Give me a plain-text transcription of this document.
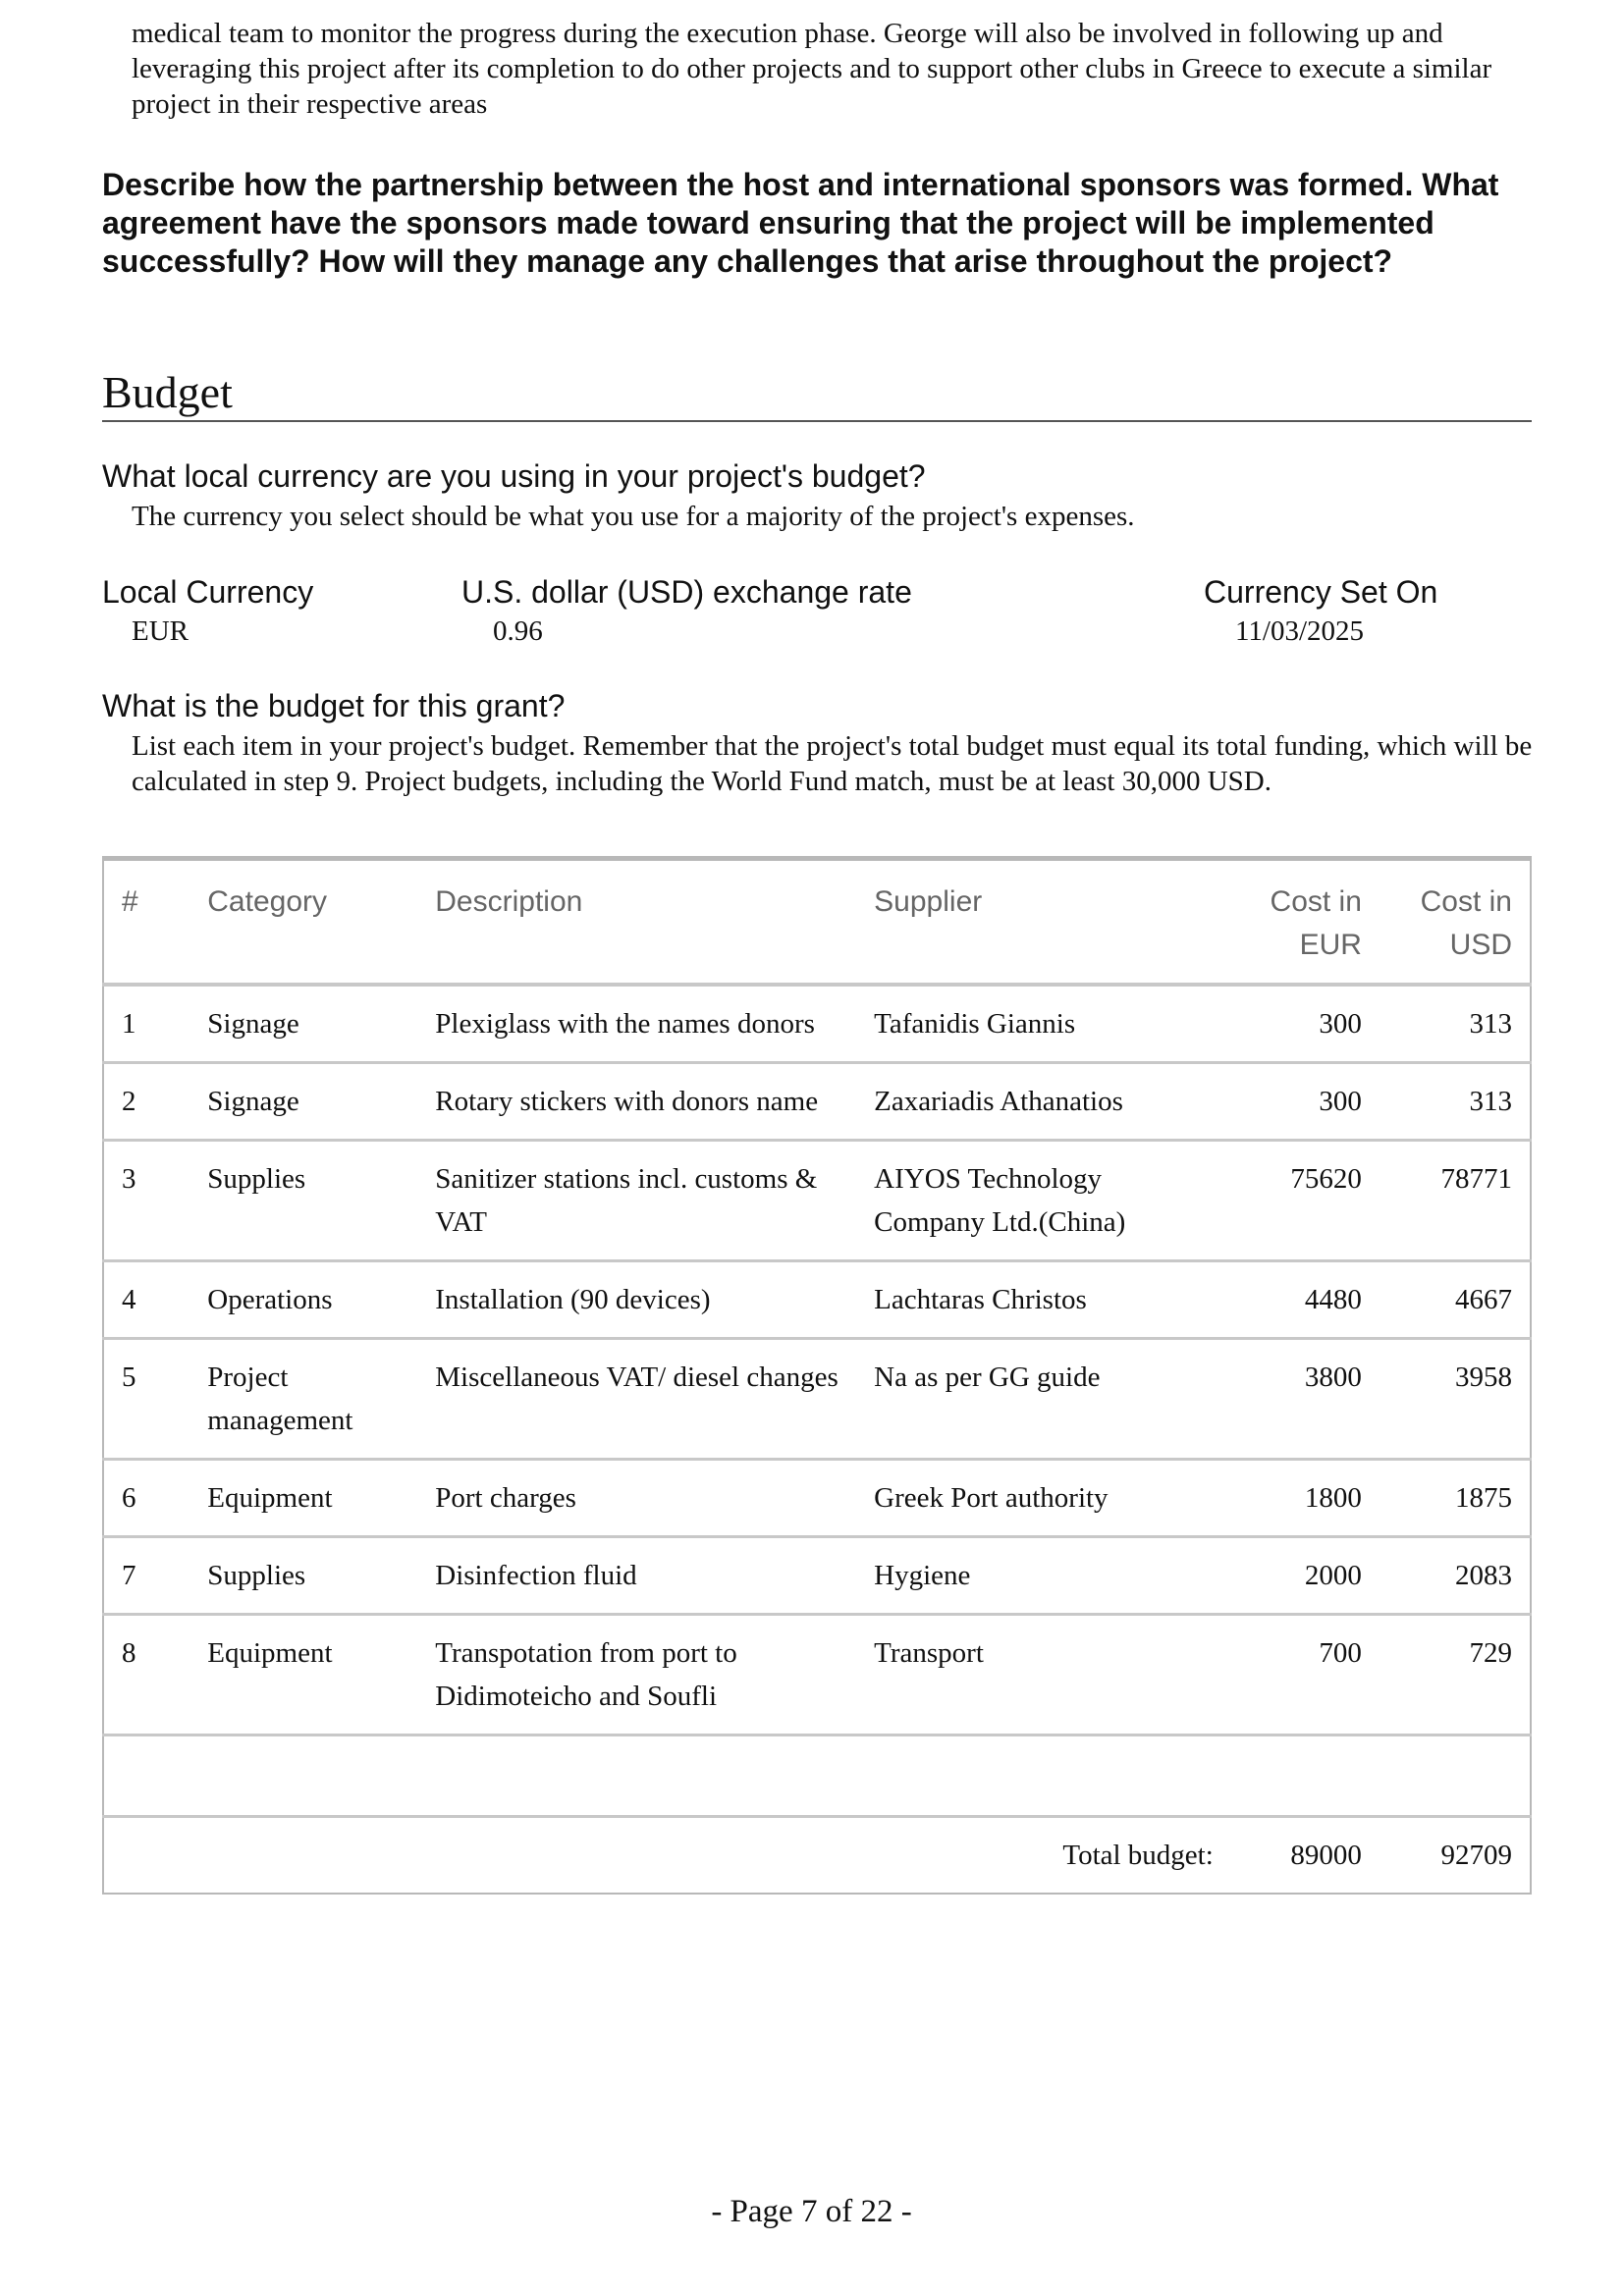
medical team to monitor the progress during the execution phase. George will also be involved in following up and leveraging this project after its completion to do other projects and to support other clubs in Greece to execute a similar project in their respective areas
Describe how the partnership between the host and international sponsors was formed. What agreement have the sponsors made toward ensuring that the project will be implemented successfully? How will they manage any challenges that arise throughout the project?
Budget
What local currency are you using in your project's budget?
The currency you select should be what you use for a majority of the project's expenses.
Local Currency
EUR
U.S. dollar (USD) exchange rate
0.96
Currency Set On
11/03/2025
What is the budget for this grant?
List each item in your project's budget. Remember that the project's total budget must equal its total funding, which will be calculated in step 9. Project budgets, including the World Fund match, must be at least 30,000 USD.
#	Category	Description	Supplier	Cost in EUR	Cost in USD
1	Signage	Plexiglass with the names donors	Tafanidis Giannis	300	313
2	Signage	Rotary stickers with donors name	Zaxariadis Athanatios	300	313
3	Supplies	Sanitizer stations incl. customs & VAT	AIYOS Technology Company Ltd.(China)	75620	78771
4	Operations	Installation (90 devices)	Lachtaras Christos	4480	4667
5	Project management	Miscellaneous VAT/ diesel changes	Na as per GG guide	3800	3958
6	Equipment	Port charges	Greek Port authority	1800	1875
7	Supplies	Disinfection fluid	Hygiene	2000	2083
8	Equipment	Transpotation from port to Didimoteicho and Soufli	Transport	700	729

Total budget:				89000	92709
- Page 7 of 22 -
